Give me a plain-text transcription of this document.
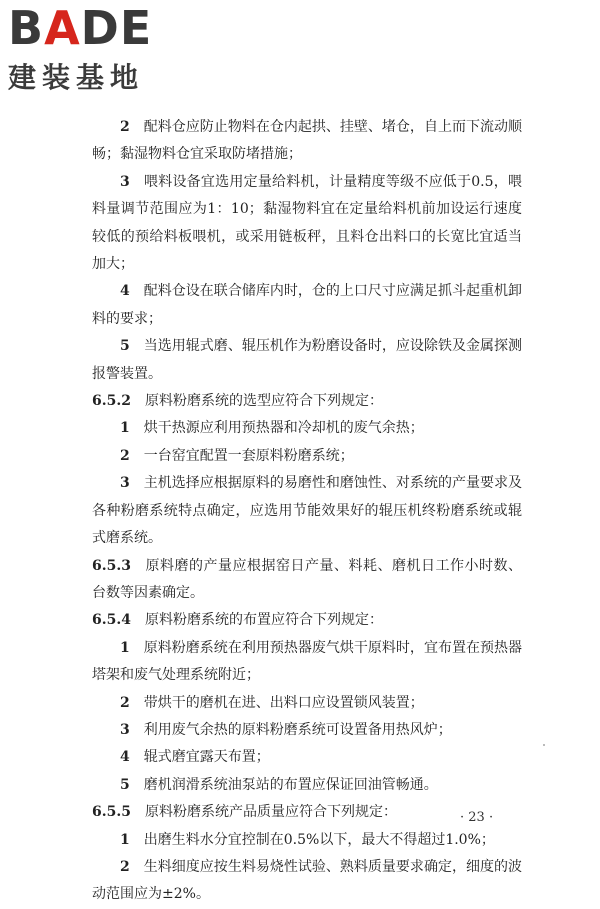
BADE
建装基地

2  配料仓应防止物料在仓内起拱、挂壁、堵仓，自上而下流动顺畅；黏湿物料仓宜采取防堵措施；

3  喂料设备宜选用定量给料机，计量精度等级不应低于0.5，喂料量调节范围应为1：10；黏湿物料宜在定量给料机前加设运行速度较低的预给料板喂机，或采用链板秤，且料仓出料口的长宽比宜适当加大；

4  配料仓设在联合储库内时，仓的上口尺寸应满足抓斗起重机卸料的要求；

5  当选用辊式磨、辊压机作为粉磨设备时，应设除铁及金属探测报警装置。

6.5.2  原料粉磨系统的选型应符合下列规定：

1  烘干热源应利用预热器和冷却机的废气余热；

2  一台窑宜配置一套原料粉磨系统；

3  主机选择应根据原料的易磨性和磨蚀性、对系统的产量要求及各种粉磨系统特点确定，应选用节能效果好的辊压机终粉磨系统或辊式磨系统。

6.5.3  原料磨的产量应根据窑日产量、料耗、磨机日工作小时数、台数等因素确定。

6.5.4  原料粉磨系统的布置应符合下列规定：

1  原料粉磨系统在利用预热器废气烘干原料时，宜布置在预热器塔架和废气处理系统附近；

2  带烘干的磨机在进、出料口应设置锁风装置；

3  利用废气余热的原料粉磨系统可设置备用热风炉；

4  辊式磨宜露天布置；

5  磨机润滑系统油泵站的布置应保证回油管畅通。

6.5.5  原料粉磨系统产品质量应符合下列规定：

1  出磨生料水分宜控制在0.5%以下，最大不得超过1.0%；

2  生料细度应按生料易烧性试验、熟料质量要求确定，细度的波动范围应为±2%。

· 23 ·
